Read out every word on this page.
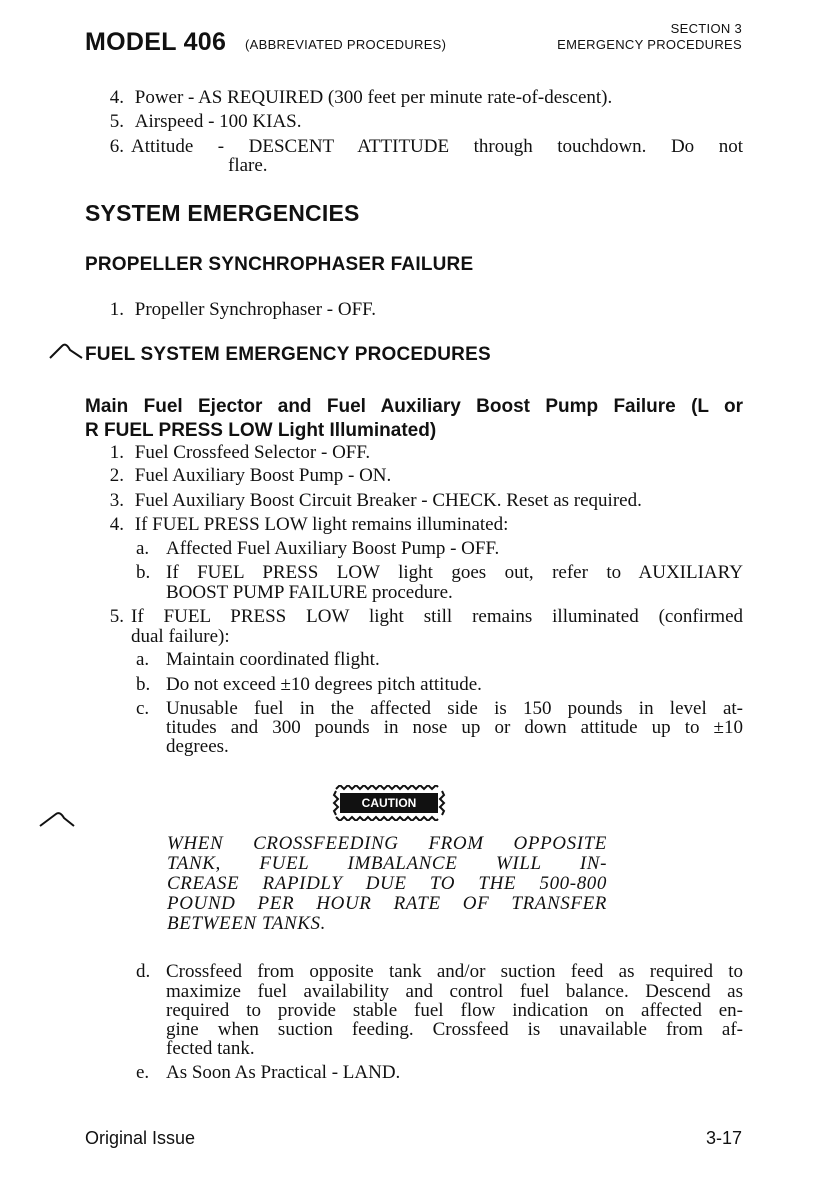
MODEL 406 (ABBREVIATED PROCEDURES)
SECTION 3
EMERGENCY PROCEDURES
4. Power - AS REQUIRED (300 feet per minute rate-of-descent).
5. Airspeed - 100 KIAS.
6. Attitude - DESCENT ATTITUDE through touchdown. Do not
flare.
SYSTEM EMERGENCIES
PROPELLER SYNCHROPHASER FAILURE
1. Propeller Synchrophaser - OFF.
FUEL SYSTEM EMERGENCY PROCEDURES
Main Fuel Ejector and Fuel Auxiliary Boost Pump Failure (L or
R FUEL PRESS LOW Light Illuminated)
1. Fuel Crossfeed Selector - OFF.
2. Fuel Auxiliary Boost Pump - ON.
3. Fuel Auxiliary Boost Circuit Breaker - CHECK. Reset as required.
4. If FUEL PRESS LOW light remains illuminated:
a. Affected Fuel Auxiliary Boost Pump - OFF.
b. If FUEL PRESS LOW light goes out, refer to AUXILIARY
BOOST PUMP FAILURE procedure.
5. If FUEL PRESS LOW light still remains illuminated (confirmed
dual failure):
a. Maintain coordinated flight.
b. Do not exceed ±10 degrees pitch attitude.
c. Unusable fuel in the affected side is 150 pounds in level at-
titudes and 300 pounds in nose up or down attitude up to ±10
degrees.
CAUTION
WHEN CROSSFEEDING FROM OPPOSITE
TANK, FUEL IMBALANCE WILL IN-
CREASE RAPIDLY DUE TO THE 500-800
POUND PER HOUR RATE OF TRANSFER
BETWEEN TANKS.
d. Crossfeed from opposite tank and/or suction feed as required to
maximize fuel availability and control fuel balance. Descend as
required to provide stable fuel flow indication on affected en-
gine when suction feeding. Crossfeed is unavailable from af-
fected tank.
e. As Soon As Practical - LAND.
Original Issue	3-17
